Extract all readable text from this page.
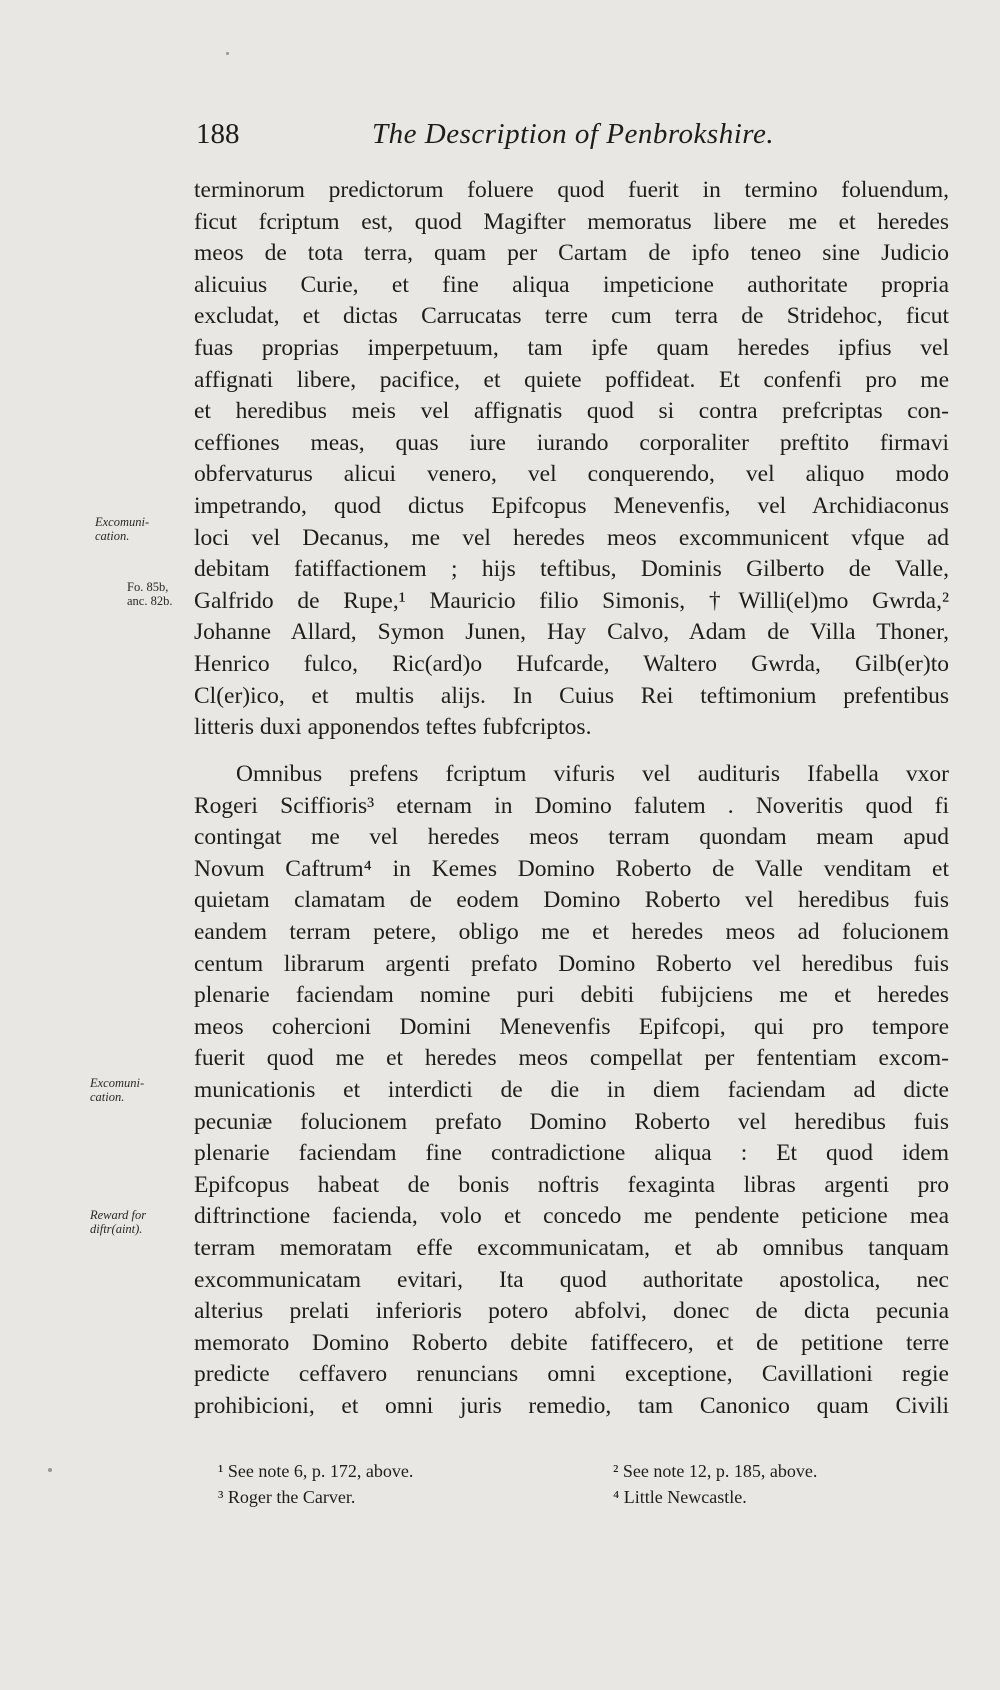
188	The Description of Penbrokshire.
terminorum predictorum foluere quod fuerit in termino foluendum,
ficut fcriptum est, quod Magifter memoratus libere me et heredes
meos de tota terra, quam per Cartam de ipfo teneo sine Judicio
alicuius Curie, et fine aliqua impeticione authoritate propria
excludat, et dictas Carrucatas terre cum terra de Stridehoc, ficut
fuas proprias imperpetuum, tam ipfe quam heredes ipfius vel
affignati libere, pacifice, et quiete poffideat. Et confenfi pro me
et heredibus meis vel affignatis quod si contra prefcriptas con-
ceffiones meas, quas iure iurando corporaliter preftito firmavi
obfervaturus alicui venero, vel conquerendo, vel aliquo modo
impetrando, quod dictus Epifcopus Menevenfis, vel Archidiaconus
loci vel Decanus, me vel heredes meos excommunicent vfque ad
debitam fatiffactionem ; hijs teftibus, Dominis Gilberto de Valle,
Galfrido de Rupe,¹ Mauricio filio Simonis, †Willi(el)mo Gwrda,²
Johanne Allard, Symon Junen, Hay Calvo, Adam de Villa Thoner,
Henrico fulco, Ric(ard)o Hufcarde, Waltero Gwrda, Gilb(er)to
Cl(er)ico, et multis alijs. In Cuius Rei teftimonium prefentibus
litteris duxi apponendos teftes fubfcriptos.
Omnibus prefens fcriptum vifuris vel audituris Ifabella vxor
Rogeri Sciffioris³ eternam in Domino falutem . Noveritis quod fi
contingat me vel heredes meos terram quondam meam apud
Novum Caftrum⁴ in Kemes Domino Roberto de Valle venditam et
quietam clamatam de eodem Domino Roberto vel heredibus fuis
eandem terram petere, obligo me et heredes meos ad folucionem
centum librarum argenti prefato Domino Roberto vel heredibus fuis
plenarie faciendam nomine puri debiti fubijciens me et heredes
meos cohercioni Domini Menevenfis Epifcopi, qui pro tempore
fuerit quod me et heredes meos compellat per fententiam excom-
municationis et interdicti de die in diem faciendam ad dicte
pecuniæ folucionem prefato Domino Roberto vel heredibus fuis
plenarie faciendam fine contradictione aliqua : Et quod idem
Epifcopus habeat de bonis noftris fexaginta libras argenti pro
diftrinctione facienda, volo et concedo me pendente peticione mea
terram memoratam effe excommunicatam, et ab omnibus tanquam
excommunicatam evitari, Ita quod authoritate apostolica, nec
alterius prelati inferioris potero abfolvi, donec de dicta pecunia
memorato Domino Roberto debite fatiffecero, et de petitione terre
predicte ceffavero renuncians omni exceptione, Cavillationi regie
prohibicioni, et omni juris remedio, tam Canonico quam Civili
Excomuni-
cation.
Fo. 85b,
anc. 82b.
Excomuni-
cation.
Reward for
diftr(aint).
¹ See note 6, p. 172, above.	² See note 12, p. 185, above.
³ Roger the Carver.	⁴ Little Newcastle.
